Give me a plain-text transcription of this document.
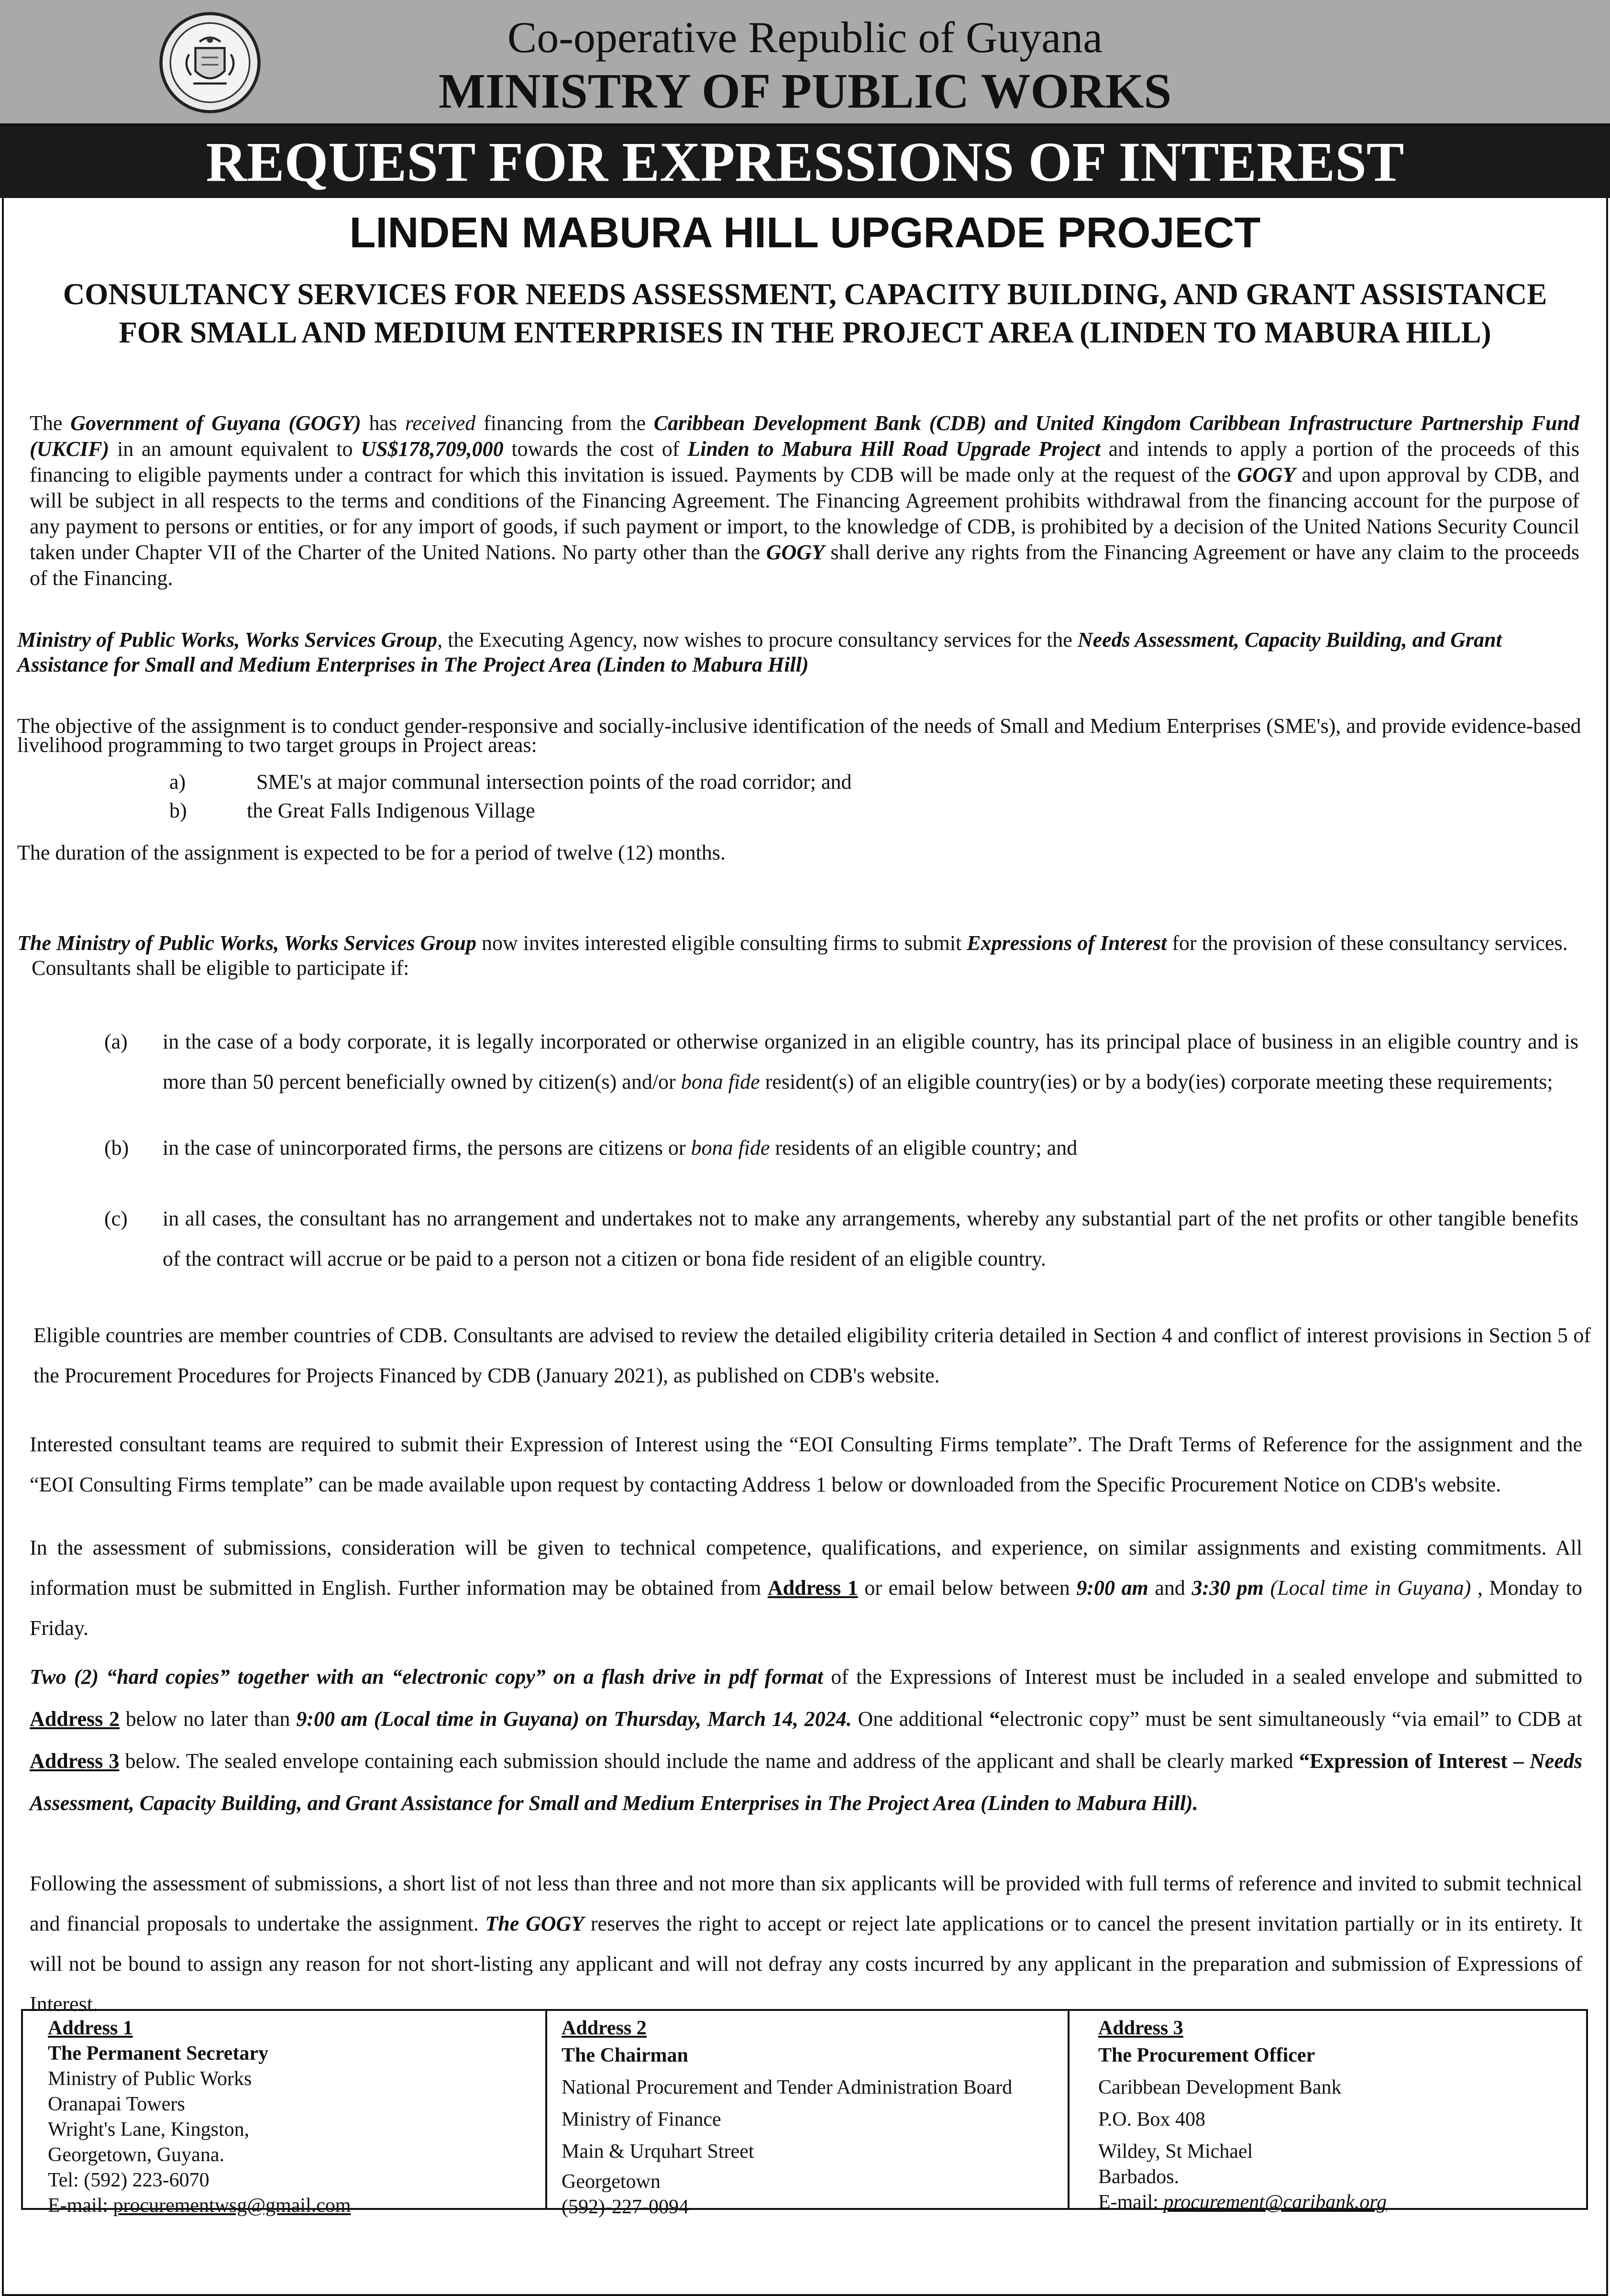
Co-operative Republic of Guyana
MINISTRY OF PUBLIC WORKS
REQUEST FOR EXPRESSIONS OF INTEREST
LINDEN MABURA HILL UPGRADE PROJECT
CONSULTANCY SERVICES FOR NEEDS ASSESSMENT, CAPACITY BUILDING, AND GRANT ASSISTANCE
FOR SMALL AND MEDIUM ENTERPRISES IN THE PROJECT AREA (LINDEN TO MABURA HILL)
The Government of Guyana (GOGY) has received financing from the Caribbean Development Bank (CDB) and United Kingdom Caribbean Infrastructure Partnership Fund (UKCIF) in an amount equivalent to US$178,709,000 towards the cost of Linden to Mabura Hill Road Upgrade Project and intends to apply a portion of the proceeds of this financing to eligible payments under a contract for which this invitation is issued. Payments by CDB will be made only at the request of the GOGY and upon approval by CDB, and will be subject in all respects to the terms and conditions of the Financing Agreement. The Financing Agreement prohibits withdrawal from the financing account for the purpose of any payment to persons or entities, or for any import of goods, if such payment or import, to the knowledge of CDB, is prohibited by a decision of the United Nations Security Council taken under Chapter VII of the Charter of the United Nations. No party other than the GOGY shall derive any rights from the Financing Agreement or have any claim to the proceeds of the Financing.
Ministry of Public Works, Works Services Group, the Executing Agency, now wishes to procure consultancy services for the Needs Assessment, Capacity Building, and Grant Assistance for Small and Medium Enterprises in The Project Area (Linden to Mabura Hill)
The objective of the assignment is to conduct gender-responsive and socially-inclusive identification of the needs of Small and Medium Enterprises (SME's), and provide evidence-based livelihood programming to two target groups in Project areas:
a)	SME's at major communal intersection points of the road corridor; and
b)	the Great Falls Indigenous Village
The duration of the assignment is expected to be for a period of twelve (12) months.
The Ministry of Public Works, Works Services Group now invites interested eligible consulting firms to submit Expressions of Interest for the provision of these consultancy services.
Consultants shall be eligible to participate if:
(a) in the case of a body corporate, it is legally incorporated or otherwise organized in an eligible country, has its principal place of business in an eligible country and is more than 50 percent beneficially owned by citizen(s) and/or bona fide resident(s) of an eligible country(ies) or by a body(ies) corporate meeting these requirements;
(b) in the case of unincorporated firms, the persons are citizens or bona fide residents of an eligible country; and
(c) in all cases, the consultant has no arrangement and undertakes not to make any arrangements, whereby any substantial part of the net profits or other tangible benefits of the contract will accrue or be paid to a person not a citizen or bona fide resident of an eligible country.
Eligible countries are member countries of CDB. Consultants are advised to review the detailed eligibility criteria detailed in Section 4 and conflict of interest provisions in Section 5 of the Procurement Procedures for Projects Financed by CDB (January 2021), as published on CDB's website.
Interested consultant teams are required to submit their Expression of Interest using the “EOI Consulting Firms template”. The Draft Terms of Reference for the assignment and the “EOI Consulting Firms template” can be made available upon request by contacting Address 1 below or downloaded from the Specific Procurement Notice on CDB's website.
In the assessment of submissions, consideration will be given to technical competence, qualifications, and experience, on similar assignments and existing commitments. All information must be submitted in English. Further information may be obtained from Address 1 or email below between 9:00 am and 3:30 pm (Local time in Guyana) , Monday to Friday.
Two (2) “hard copies” together with an “electronic copy” on a flash drive in pdf format of the Expressions of Interest must be included in a sealed envelope and submitted to Address 2 below no later than 9:00 am (Local time in Guyana) on Thursday, March 14, 2024. One additional “electronic copy” must be sent simultaneously “via email” to CDB at Address 3 below. The sealed envelope containing each submission should include the name and address of the applicant and shall be clearly marked “Expression of Interest – Needs Assessment, Capacity Building, and Grant Assistance for Small and Medium Enterprises in The Project Area (Linden to Mabura Hill).
Following the assessment of submissions, a short list of not less than three and not more than six applicants will be provided with full terms of reference and invited to submit technical and financial proposals to undertake the assignment. The GOGY reserves the right to accept or reject late applications or to cancel the present invitation partially or in its entirety. It will not be bound to assign any reason for not short-listing any applicant and will not defray any costs incurred by any applicant in the preparation and submission of Expressions of Interest.
Address 1
The Permanent Secretary
Ministry of Public Works
Oranapai Towers
Wright's Lane, Kingston,
Georgetown, Guyana.
Tel: (592) 223-6070
E-mail: procurementwsg@gmail.com
Address 2
The Chairman
National Procurement and Tender Administration Board
Ministry of Finance
Main & Urquhart Street
Georgetown
(592)-227-0094
Address 3
The Procurement Officer
Caribbean Development Bank
P.O. Box 408
Wildey, St Michael
Barbados.
E-mail: procurement@caribank.org
